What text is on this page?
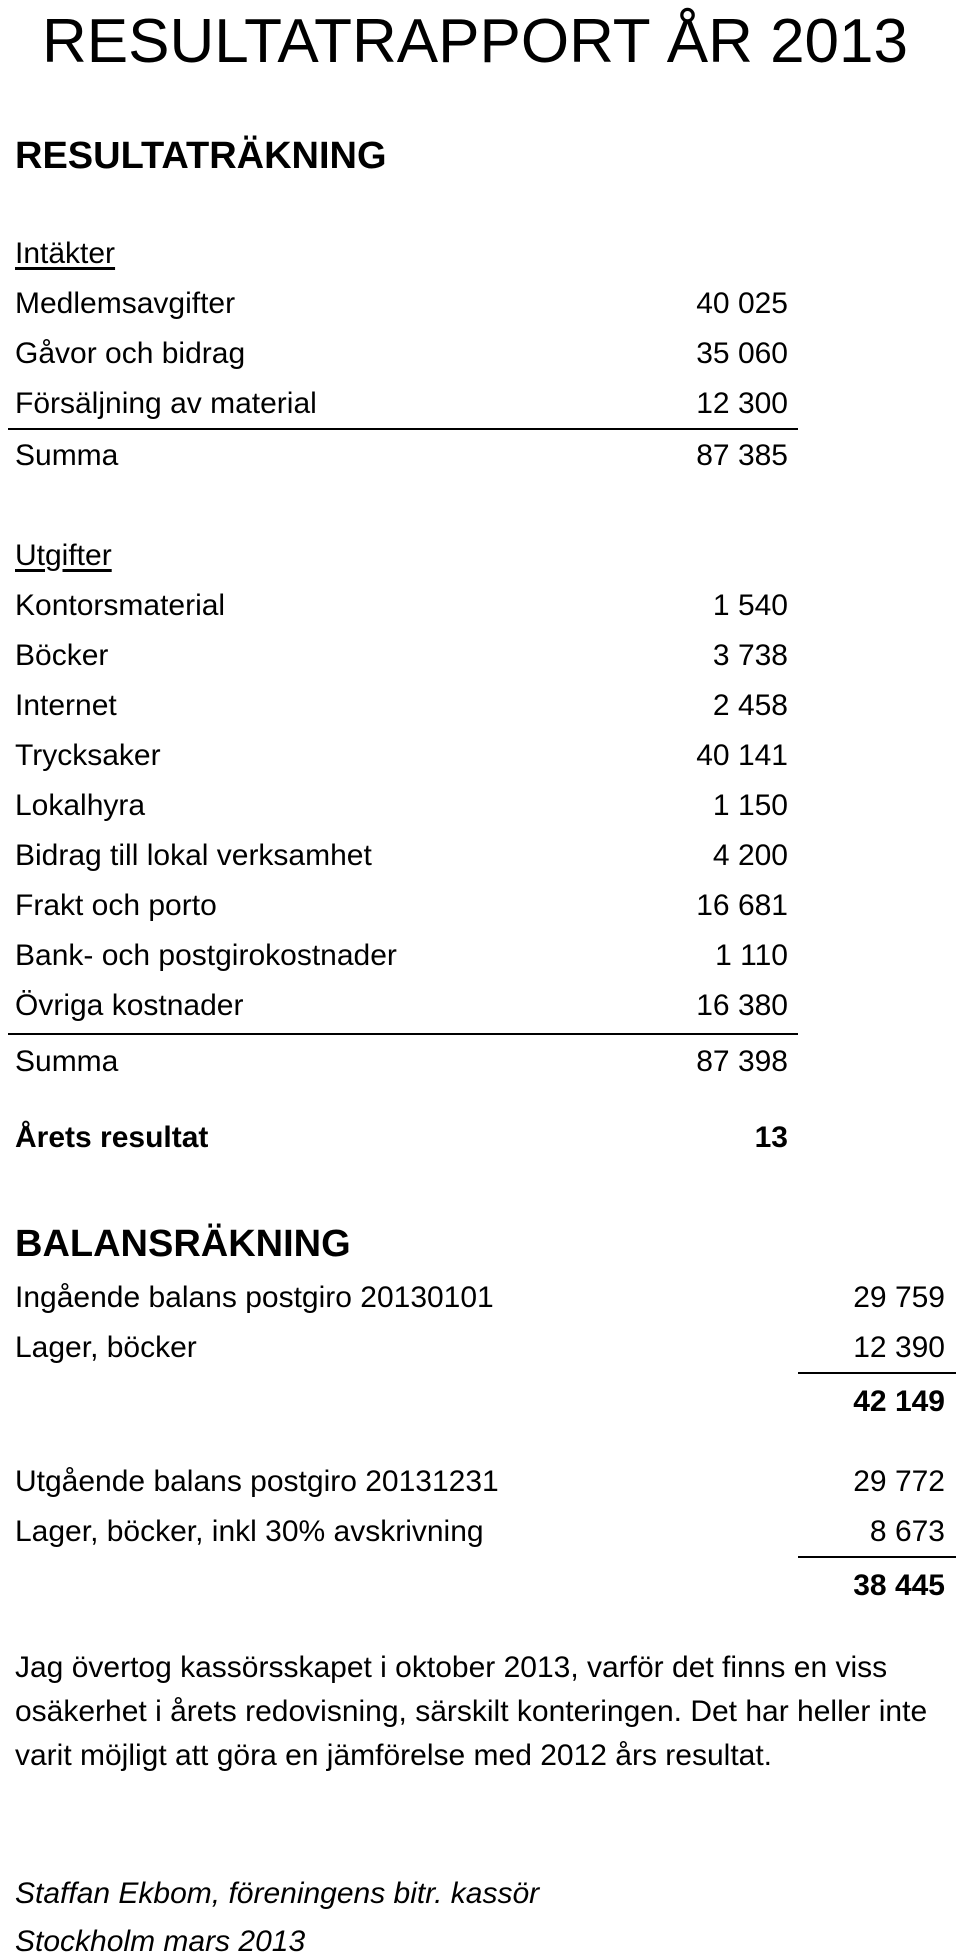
RESULTATRAPPORT ÅR 2013
RESULTATRÄKNING
Intäkter
Medlemsavgifter	40 025
Gåvor och bidrag	35 060
Försäljning av material	12 300
Summa	87 385
Utgifter
Kontorsmaterial	1 540
Böcker	3 738
Internet	2 458
Trycksaker	40 141
Lokalhyra	1 150
Bidrag till lokal verksamhet	4 200
Frakt och porto	16 681
Bank- och postgirokostnader	1 110
Övriga kostnader	16 380
Summa	87 398
Årets resultat	13
BALANSRÄKNING
Ingående balans postgiro 20130101	29 759
Lager, böcker	12 390
42 149
Utgående balans postgiro 20131231	29 772
Lager, böcker, inkl 30% avskrivning	8 673
38 445
Jag övertog kassörsskapet i oktober 2013, varför det finns en viss osäkerhet i årets redovisning, särskilt konteringen. Det har heller inte varit möjligt att göra en jämförelse med 2012 års resultat.
Staffan Ekbom, föreningens bitr. kassör
Stockholm mars 2013
